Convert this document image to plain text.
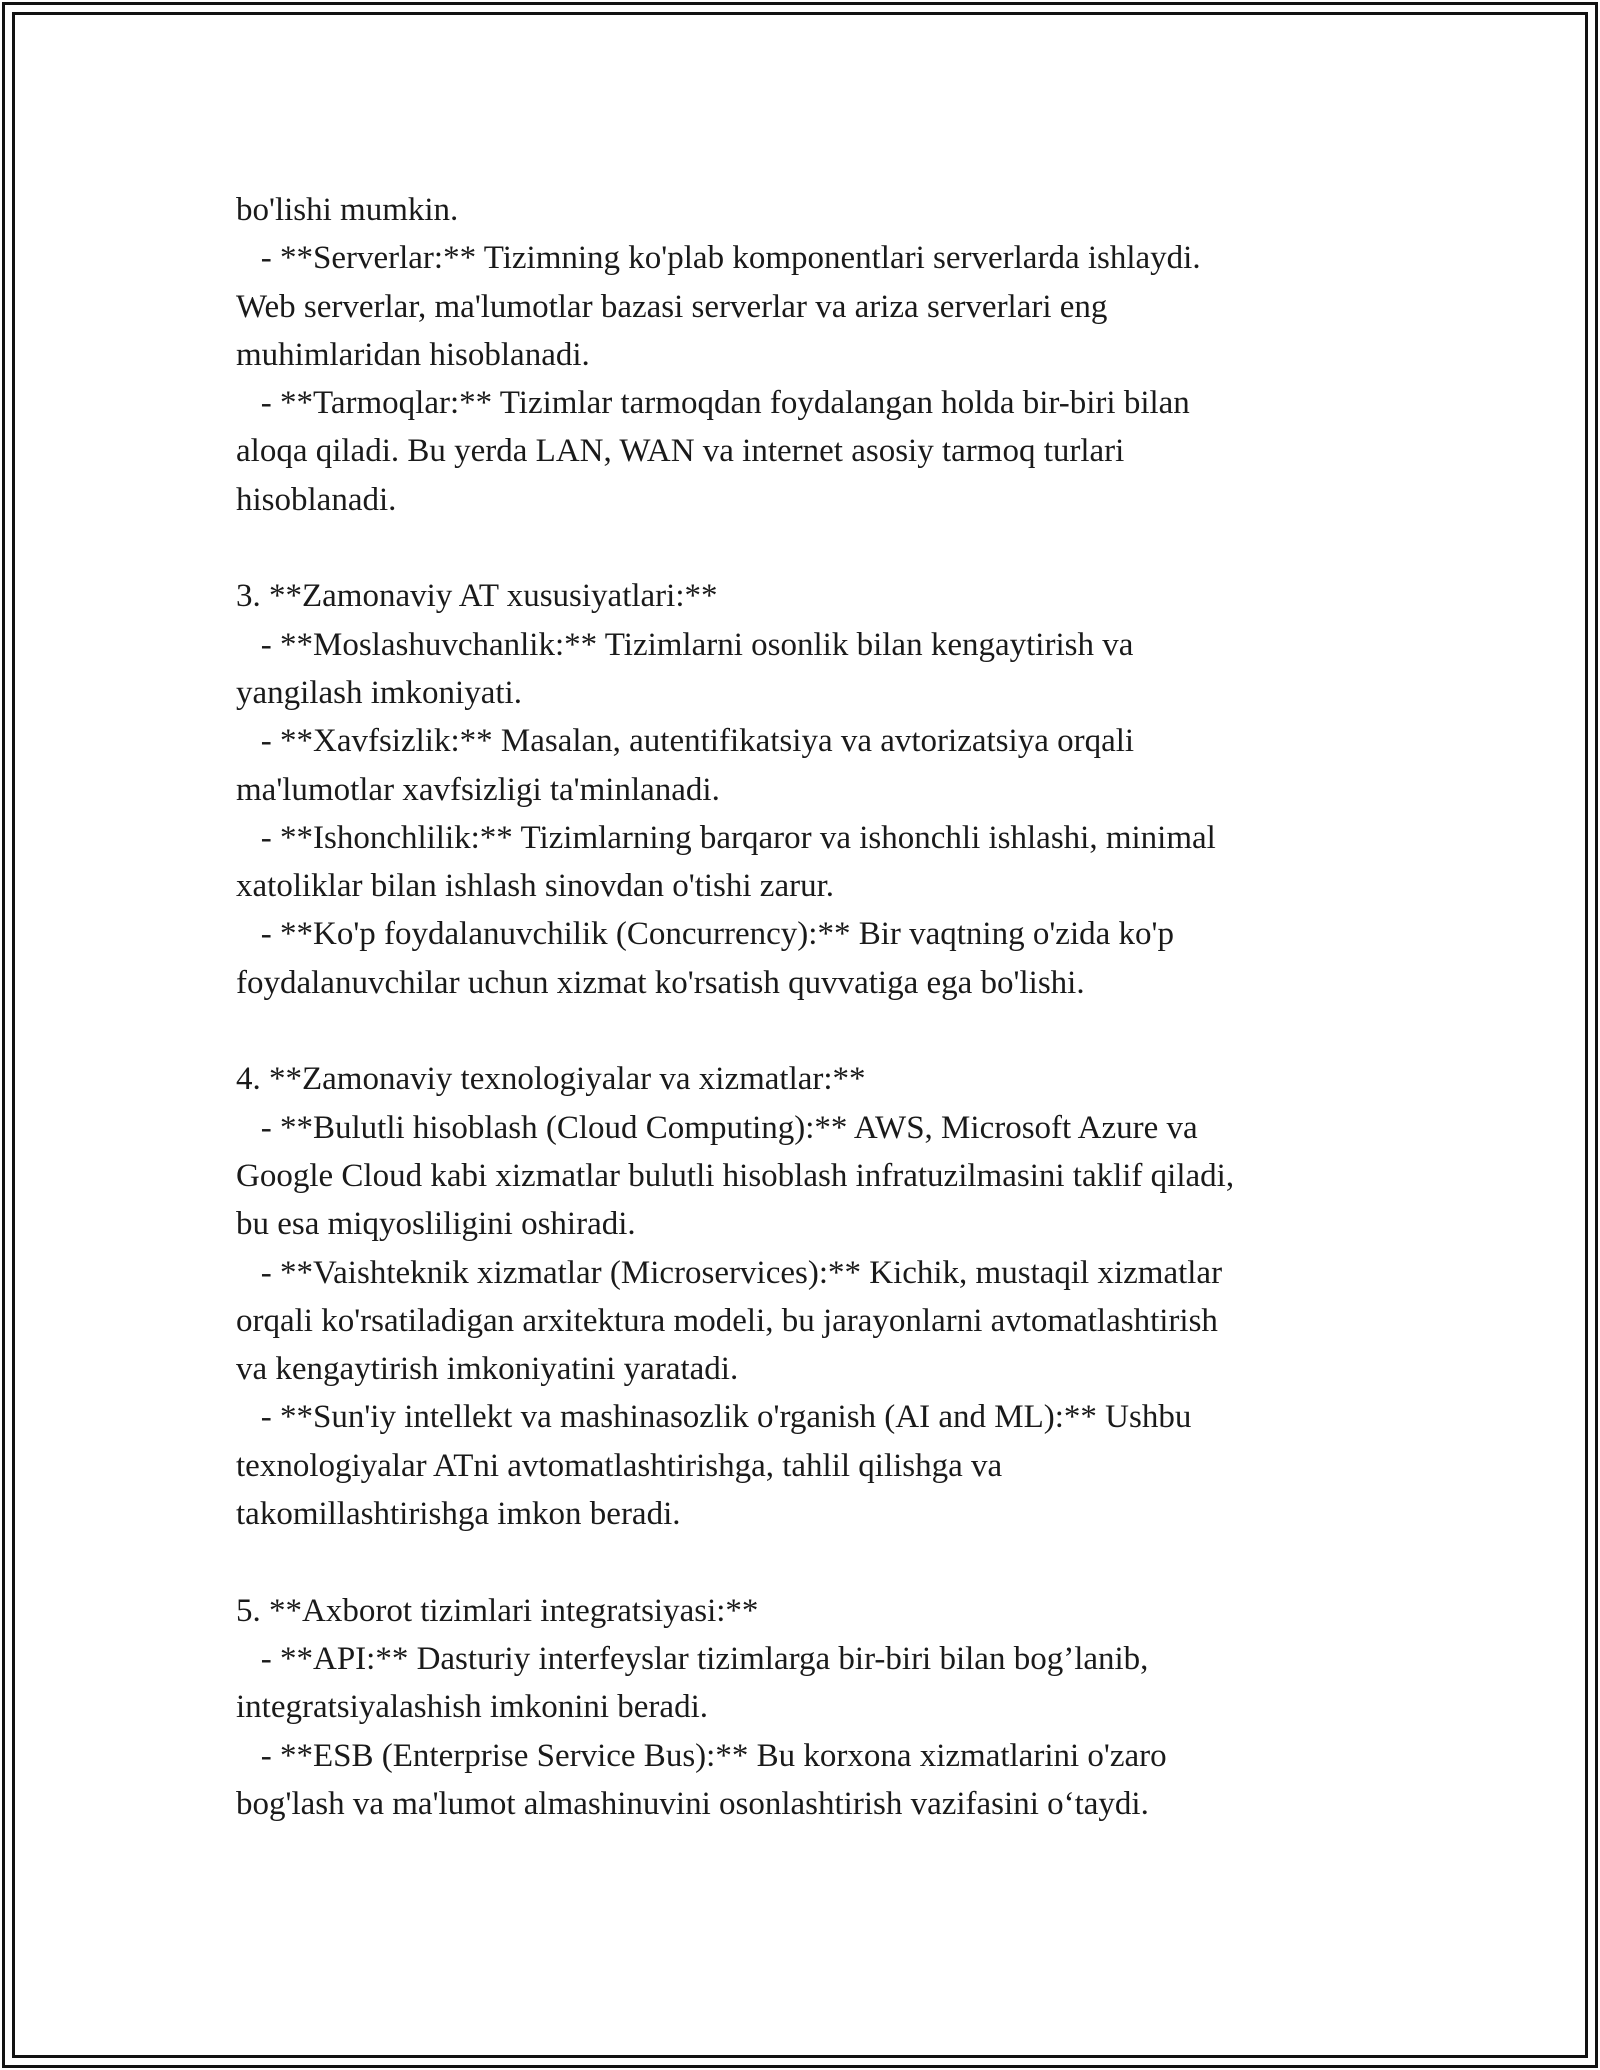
bo'lishi mumkin.
- **Serverlar:** Tizimning ko'plab komponentlari serverlarda ishlaydi.
Web serverlar, ma'lumotlar bazasi serverlar va ariza serverlari eng
muhimlaridan hisoblanadi.
- **Tarmoqlar:** Tizimlar tarmoqdan foydalangan holda bir-biri bilan
aloqa qiladi. Bu yerda LAN, WAN va internet asosiy tarmoq turlari
hisoblanadi.
3. **Zamonaviy AT xususiyatlari:**
- **Moslashuvchanlik:** Tizimlarni osonlik bilan kengaytirish va
yangilash imkoniyati.
- **Xavfsizlik:** Masalan, autentifikatsiya va avtorizatsiya orqali
ma'lumotlar xavfsizligi ta'minlanadi.
- **Ishonchlilik:** Tizimlarning barqaror va ishonchli ishlashi, minimal
xatoliklar bilan ishlash sinovdan o'tishi zarur.
- **Ko'p foydalanuvchilik (Concurrency):** Bir vaqtning o'zida ko'p
foydalanuvchilar uchun xizmat ko'rsatish quvvatiga ega bo'lishi.
4. **Zamonaviy texnologiyalar va xizmatlar:**
- **Bulutli hisoblash (Cloud Computing):** AWS, Microsoft Azure va
Google Cloud kabi xizmatlar bulutli hisoblash infratuzilmasini taklif qiladi,
bu esa miqyosliligini oshiradi.
- **Vaishteknik xizmatlar (Microservices):** Kichik, mustaqil xizmatlar
orqali ko'rsatiladigan arxitektura modeli, bu jarayonlarni avtomatlashtirish
va kengaytirish imkoniyatini yaratadi.
- **Sun'iy intellekt va mashinasozlik o'rganish (AI and ML):** Ushbu
texnologiyalar ATni avtomatlashtirishga, tahlil qilishga va
takomillashtirishga imkon beradi.
5. **Axborot tizimlari integratsiyasi:**
- **API:** Dasturiy interfeyslar tizimlarga bir-biri bilan bog’lanib,
integratsiyalashish imkonini beradi.
- **ESB (Enterprise Service Bus):** Bu korxona xizmatlarini o'zaro
bog'lash va ma'lumot almashinuvini osonlashtirish vazifasini o‘taydi.
